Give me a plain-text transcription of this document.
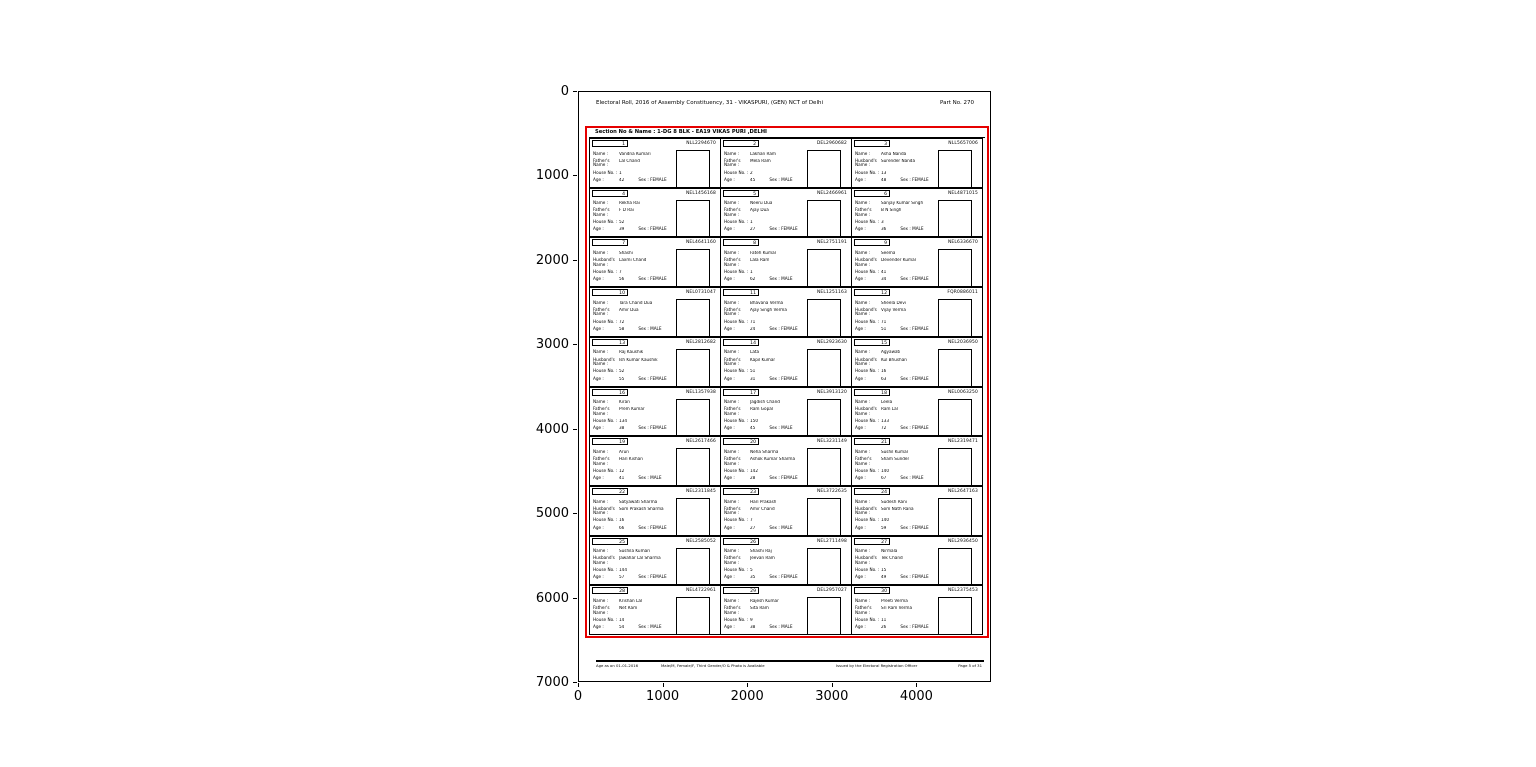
Electoral Roll, 2016 of Assembly Constituency, 31 - VIKASPURI, (GEN) NCT of Delhi	Part No. 270
Section No & Name : 1-DG 8 BLK - EA19 VIKAS PURI ,DELHI
1	NLL2294670
Name :	Vandna Kumari
Father's Name :Lal Chand
House No. : 1
Age :	42	Sex : FEMALE
2	DEL2960682
Name :	Lakhan Ram
Father's Name :Mela Ram
House No. : 2
Age :	45	Sex : MALE
3	NLL5657006
Name :	Asha Nanda
Husband's Name :Surender Nanda
House No. : 13
Age :	48	Sex : FEMALE
4	NEL1456168
Name :	Rekha Rai
Father's Name :F D Rai
House No. : 52
Age :	39	Sex : FEMALE
5	NEL2466961
Name :	Neeru Dua
Father's Name :Ajay Dua
House No. : 1
Age :	27	Sex : FEMALE
6	NEL4871015
Name :	Sanjay Kumar Singh
Father's Name :B N Singh
House No. : 3
Age :	36	Sex : MALE
7	NEL4641160
Name :	Shashi
Husband's Name :Laxmi Chand
House No. : 7
Age :	56	Sex : FEMALE
8	NEL2751191
Name :	Fateh Kumar
Father's Name :Lala Ram
House No. : 1
Age :	62	Sex : MALE
9	NEL6336670
Name :	Seema
Husband's Name :Devender Kumar
House No. : 41
Age :	34	Sex : FEMALE
10	NEL0731047
Name :	Tara Chand Dua
Father's Name :Amir Dua
House No. : 72
Age :	58	Sex : MALE
11	NEL1251163
Name :	Bhavana Verma
Father's Name :Ajay Singh Verma
House No. : 71
Age :	24	Sex : FEMALE
12	FQR0886011
Name :	Sheela Devi
Husband's Name :Vijay Verma
House No. : 71
Age :	51	Sex : FEMALE
13	NEL2812682
Name :	Raj Kaushik
Husband's Name :Ish Kumar Kaushik
House No. : 52
Age :	55	Sex : FEMALE
14	NEL2923630
Name :	Lata
Father's Name :Kapil Kumar
House No. : 51
Age :	31	Sex : FEMALE
15	NEL2036950
Name :	Agyawati
Husband's Name :Kul Bhushan
House No. : 16
Age :	63	Sex : FEMALE
16	NEL1357938
Name :	Kiran
Father's Name :Prem Kumar
House No. : 134
Age :	38	Sex : FEMALE
17	NEL3913120
Name :	Jagdish Chand
Father's Name :Ram Gopal
House No. : 150
Age :	45	Sex : MALE
18	NEL0063250
Name :	Leela
Husband's Name :Ram Lal
House No. : 133
Age :	72	Sex : FEMALE
19	NEL2617466
Name :	Arun
Father's Name :Hari Kishan
House No. : 12
Age :	41	Sex : MALE
20	NEL3231149
Name :	Neha Sharma
Father's Name :Ashok Kumar Sharma
House No. : 142
Age :	28	Sex : FEMALE
21	NEL2319471
Name :	Sushil Kumar
Father's Name :Sham Sunder
House No. : 140
Age :	67	Sex : MALE
22	NEL2311845
Name :	Satyawati Sharma
Husband's Name :Som Prakash Sharma
House No. : 16
Age :	66	Sex : FEMALE
23	NEL3722635
Name :	Hari Prakash
Father's Name :Amir Chand
House No. : 7
Age :	27	Sex : MALE
24	NEL2647163
Name :	Sudesh Rani
Husband's Name :Som Nath Rana
House No. : 140
Age :	59	Sex : FEMALE
25	NEL2585052
Name :	Sushila Kumari
Husband's Name :Jawahar Lal Sharma
House No. : 144
Age :	57	Sex : FEMALE
26	NEL2711498
Name :	Shashi Raj
Father's Name :Jeevan Ram
House No. : 5
Age :	35	Sex : FEMALE
27	NEL2936450
Name :	Nirmala
Husband's Name :Tek Chand
House No. : 15
Age :	49	Sex : FEMALE
28	NEL4722961
Name :	Krishan Lal
Father's Name :Net Ram
House No. : 14
Age :	54	Sex : MALE
29	DEL2957027
Name :	Rajesh Kumar
Father's Name :Sita Ram
House No. : 9
Age :	38	Sex : MALE
30	NEL2375453
Name :	Preeti Verma
Father's Name :Sri Ram Verma
House No. : 11
Age :	26	Sex : FEMALE
Age as on 01-01-2016	Male/M, Female/F, Third Gender/O & Photo is Available	Issued by the Electoral Registration Officer	Page 5 of 31
0
1000
2000
3000
4000
5000
6000
7000
0	1000	2000	3000	4000
